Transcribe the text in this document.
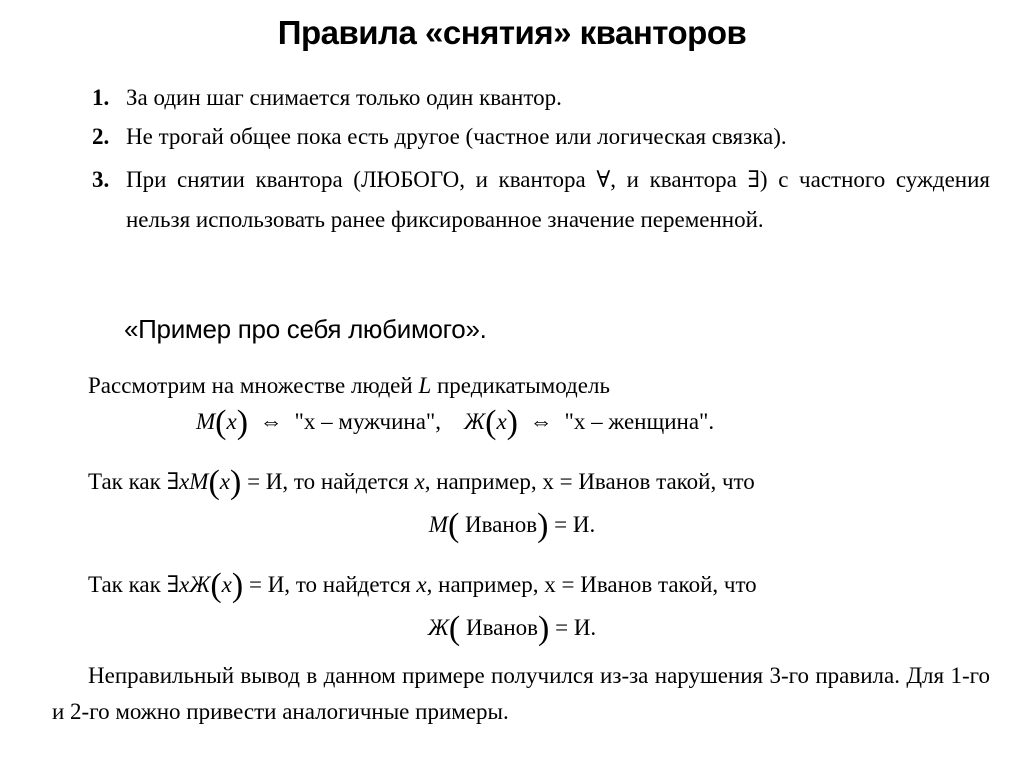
Правила «снятия» кванторов
1. За один шаг снимается только один квантор.
2. Не трогай общее пока есть другое (частное или логическая связка).
3. При снятии квантора (ЛЮБОГО, и квантора ∀, и квантора ∃) с частного суждения нельзя использовать ранее фиксированное значение переменной.
«Пример про себя любимого».
Рассмотрим на множестве людей L предикатымодель
M(x) ⇔ "x – мужчина", Ж(x) ⇔ "x – женщина".
Так как ∃xM(x) = И, то найдется x, например, x = Иванов такой, что
M( Иванов) = И.
Так как ∃xЖ(x) = И, то найдется x, например, x = Иванов такой, что
Ж( Иванов) = И.
Неправильный вывод в данном примере получился из-за нарушения 3-го правила. Для 1-го и 2-го можно привести аналогичные примеры.
